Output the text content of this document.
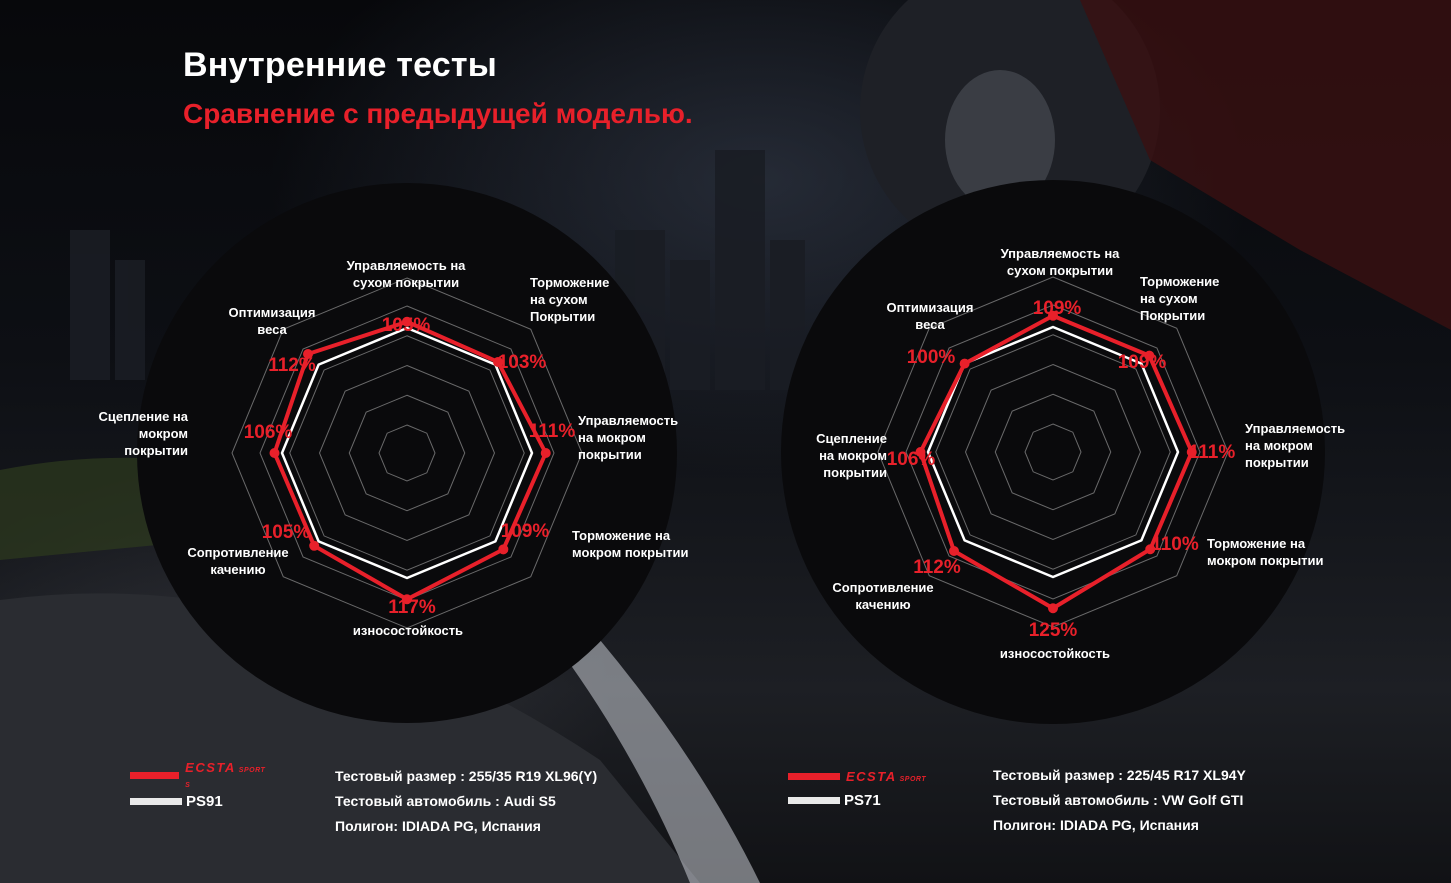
Внутренние тесты
Сравнение с предыдущей моделью.
Управляемость на сухом покрытии	Торможение на сухом Покрытии
Управляемость на мокром покрытии
Торможение на мокром покрытии
износостойкость
Сопротивление качению
Сцепление на мокром покрытии
Оптимизация веса	105%
103%
111%
109%
117%
105%
106%
112%
Управляемость на сухом покрытии
Торможение на сухом Покрытии
Управляемость на мокром покрытии
Торможение на мокром покрытии
износостойкость
Сопротивление качению
Сцепление на мокром покрытии
Оптимизация веса
109%
109%
111%
110%
125%
112%
106%
100%
ECSTA SPORT S
PS91
Тестовый размер : 255/35 R19 XL96(Y)
Тестовый автомобиль : Audi S5
Полигон: IDIADA PG, Испания
ECSTA SPORT
PS71
Тестовый размер : 225/45 R17 XL94Y
Тестовый автомобиль : VW Golf GTI
Полигон: IDIADA PG, Испания
